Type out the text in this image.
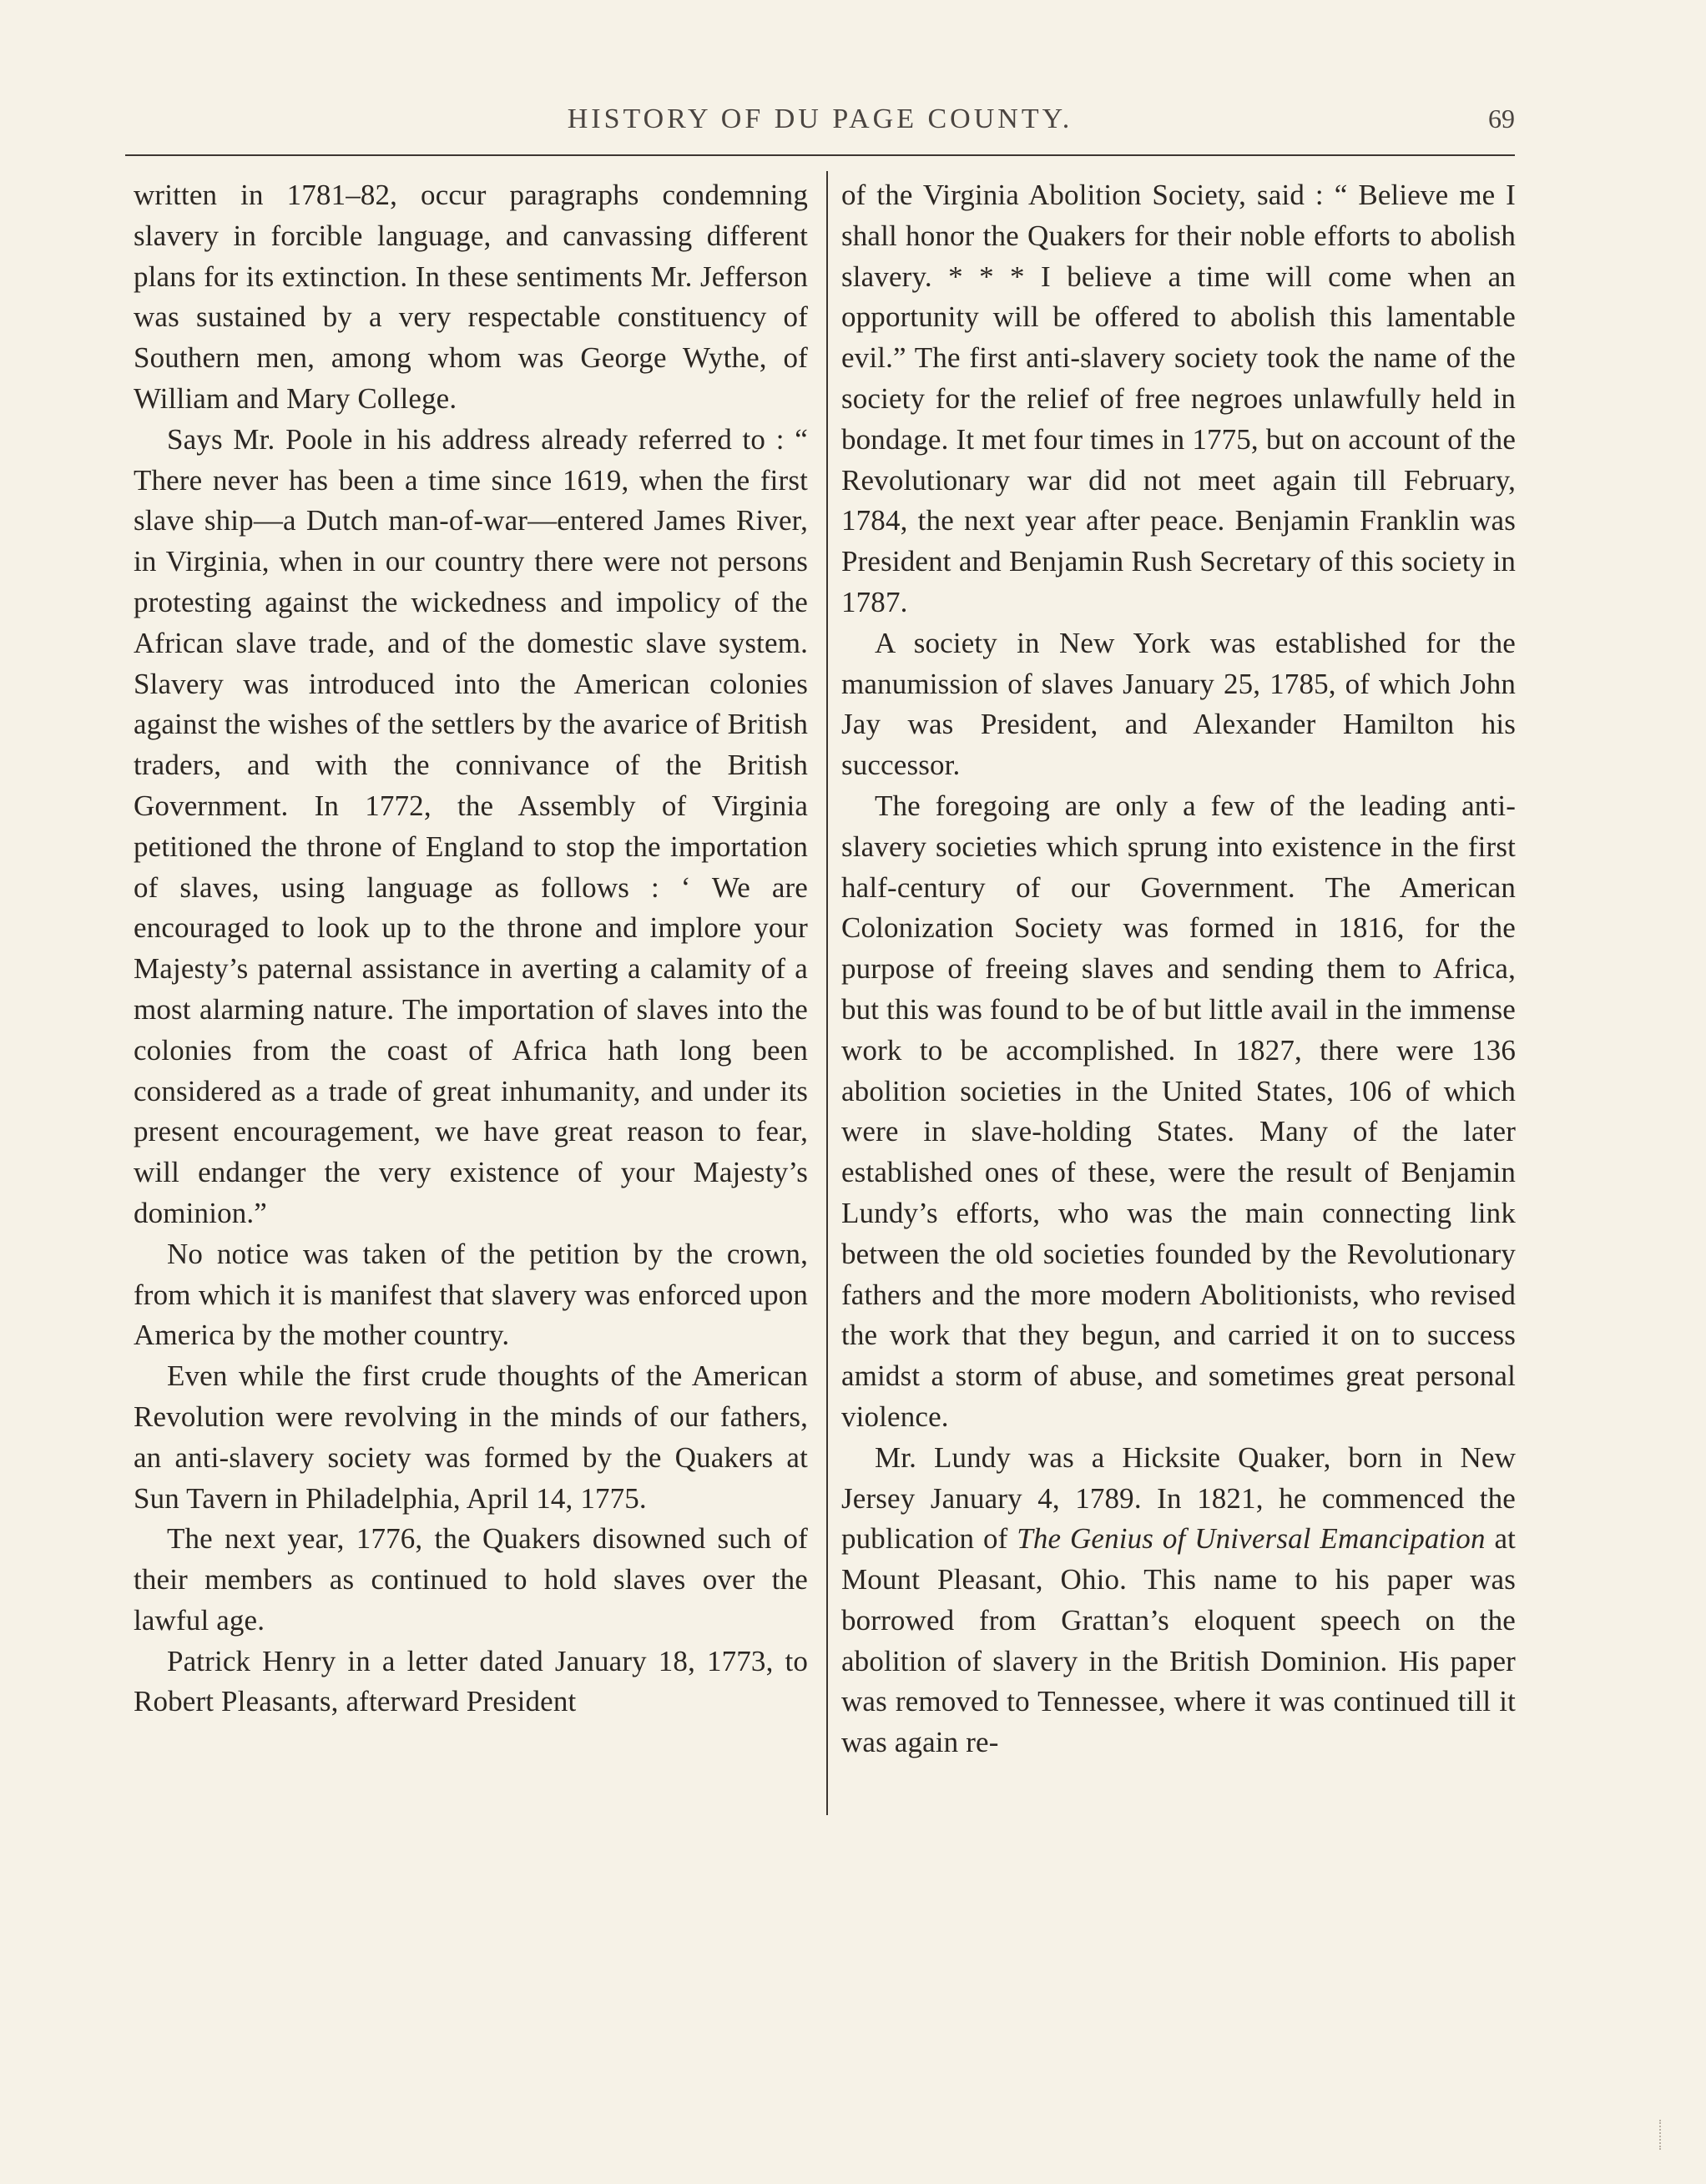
HISTORY OF DU PAGE COUNTY.	69

written in 1781–82, occur paragraphs condemning slavery in forcible language, and canvassing different plans for its extinction. In these sentiments Mr. Jefferson was sustained by a very respectable constituency of Southern men, among whom was George Wythe, of William and Mary College.

Says Mr. Poole in his address already referred to : “ There never has been a time since 1619, when the first slave ship—a Dutch man-of-war—entered James River, in Virginia, when in our country there were not persons protesting against the wickedness and impolicy of the African slave trade, and of the domestic slave system. Slavery was introduced into the American colonies against the wishes of the settlers by the avarice of British traders, and with the connivance of the British Government. In 1772, the Assembly of Virginia petitioned the throne of England to stop the importation of slaves, using language as follows : ‘ We are encouraged to look up to the throne and implore your Majesty’s paternal assistance in averting a calamity of a most alarming nature. The importation of slaves into the colonies from the coast of Africa hath long been considered as a trade of great inhumanity, and under its present encouragement, we have great reason to fear, will endanger the very existence of your Majesty’s dominion.”

No notice was taken of the petition by the crown, from which it is manifest that slavery was enforced upon America by the mother country.

Even while the first crude thoughts of the American Revolution were revolving in the minds of our fathers, an anti-slavery society was formed by the Quakers at Sun Tavern in Philadelphia, April 14, 1775.

The next year, 1776, the Quakers disowned such of their members as continued to hold slaves over the lawful age.

Patrick Henry in a letter dated January 18, 1773, to Robert Pleasants, afterward President

of the Virginia Abolition Society, said : “ Believe me I shall honor the Quakers for their noble efforts to abolish slavery. * * * I believe a time will come when an opportunity will be offered to abolish this lamentable evil.” The first anti-slavery society took the name of the society for the relief of free negroes unlawfully held in bondage. It met four times in 1775, but on account of the Revolutionary war did not meet again till February, 1784, the next year after peace. Benjamin Franklin was President and Benjamin Rush Secretary of this society in 1787.

A society in New York was established for the manumission of slaves January 25, 1785, of which John Jay was President, and Alexander Hamilton his successor.

The foregoing are only a few of the leading anti-slavery societies which sprung into existence in the first half-century of our Government. The American Colonization Society was formed in 1816, for the purpose of freeing slaves and sending them to Africa, but this was found to be of but little avail in the immense work to be accomplished. In 1827, there were 136 abolition societies in the United States, 106 of which were in slave-holding States. Many of the later established ones of these, were the result of Benjamin Lundy’s efforts, who was the main connecting link between the old societies founded by the Revolutionary fathers and the more modern Abolitionists, who revised the work that they begun, and carried it on to success amidst a storm of abuse, and sometimes great personal violence.

Mr. Lundy was a Hicksite Quaker, born in New Jersey January 4, 1789. In 1821, he commenced the publication of The Genius of Universal Emancipation at Mount Pleasant, Ohio. This name to his paper was borrowed from Grattan’s eloquent speech on the abolition of slavery in the British Dominion. His paper was removed to Tennessee, where it was continued till it was again re-
